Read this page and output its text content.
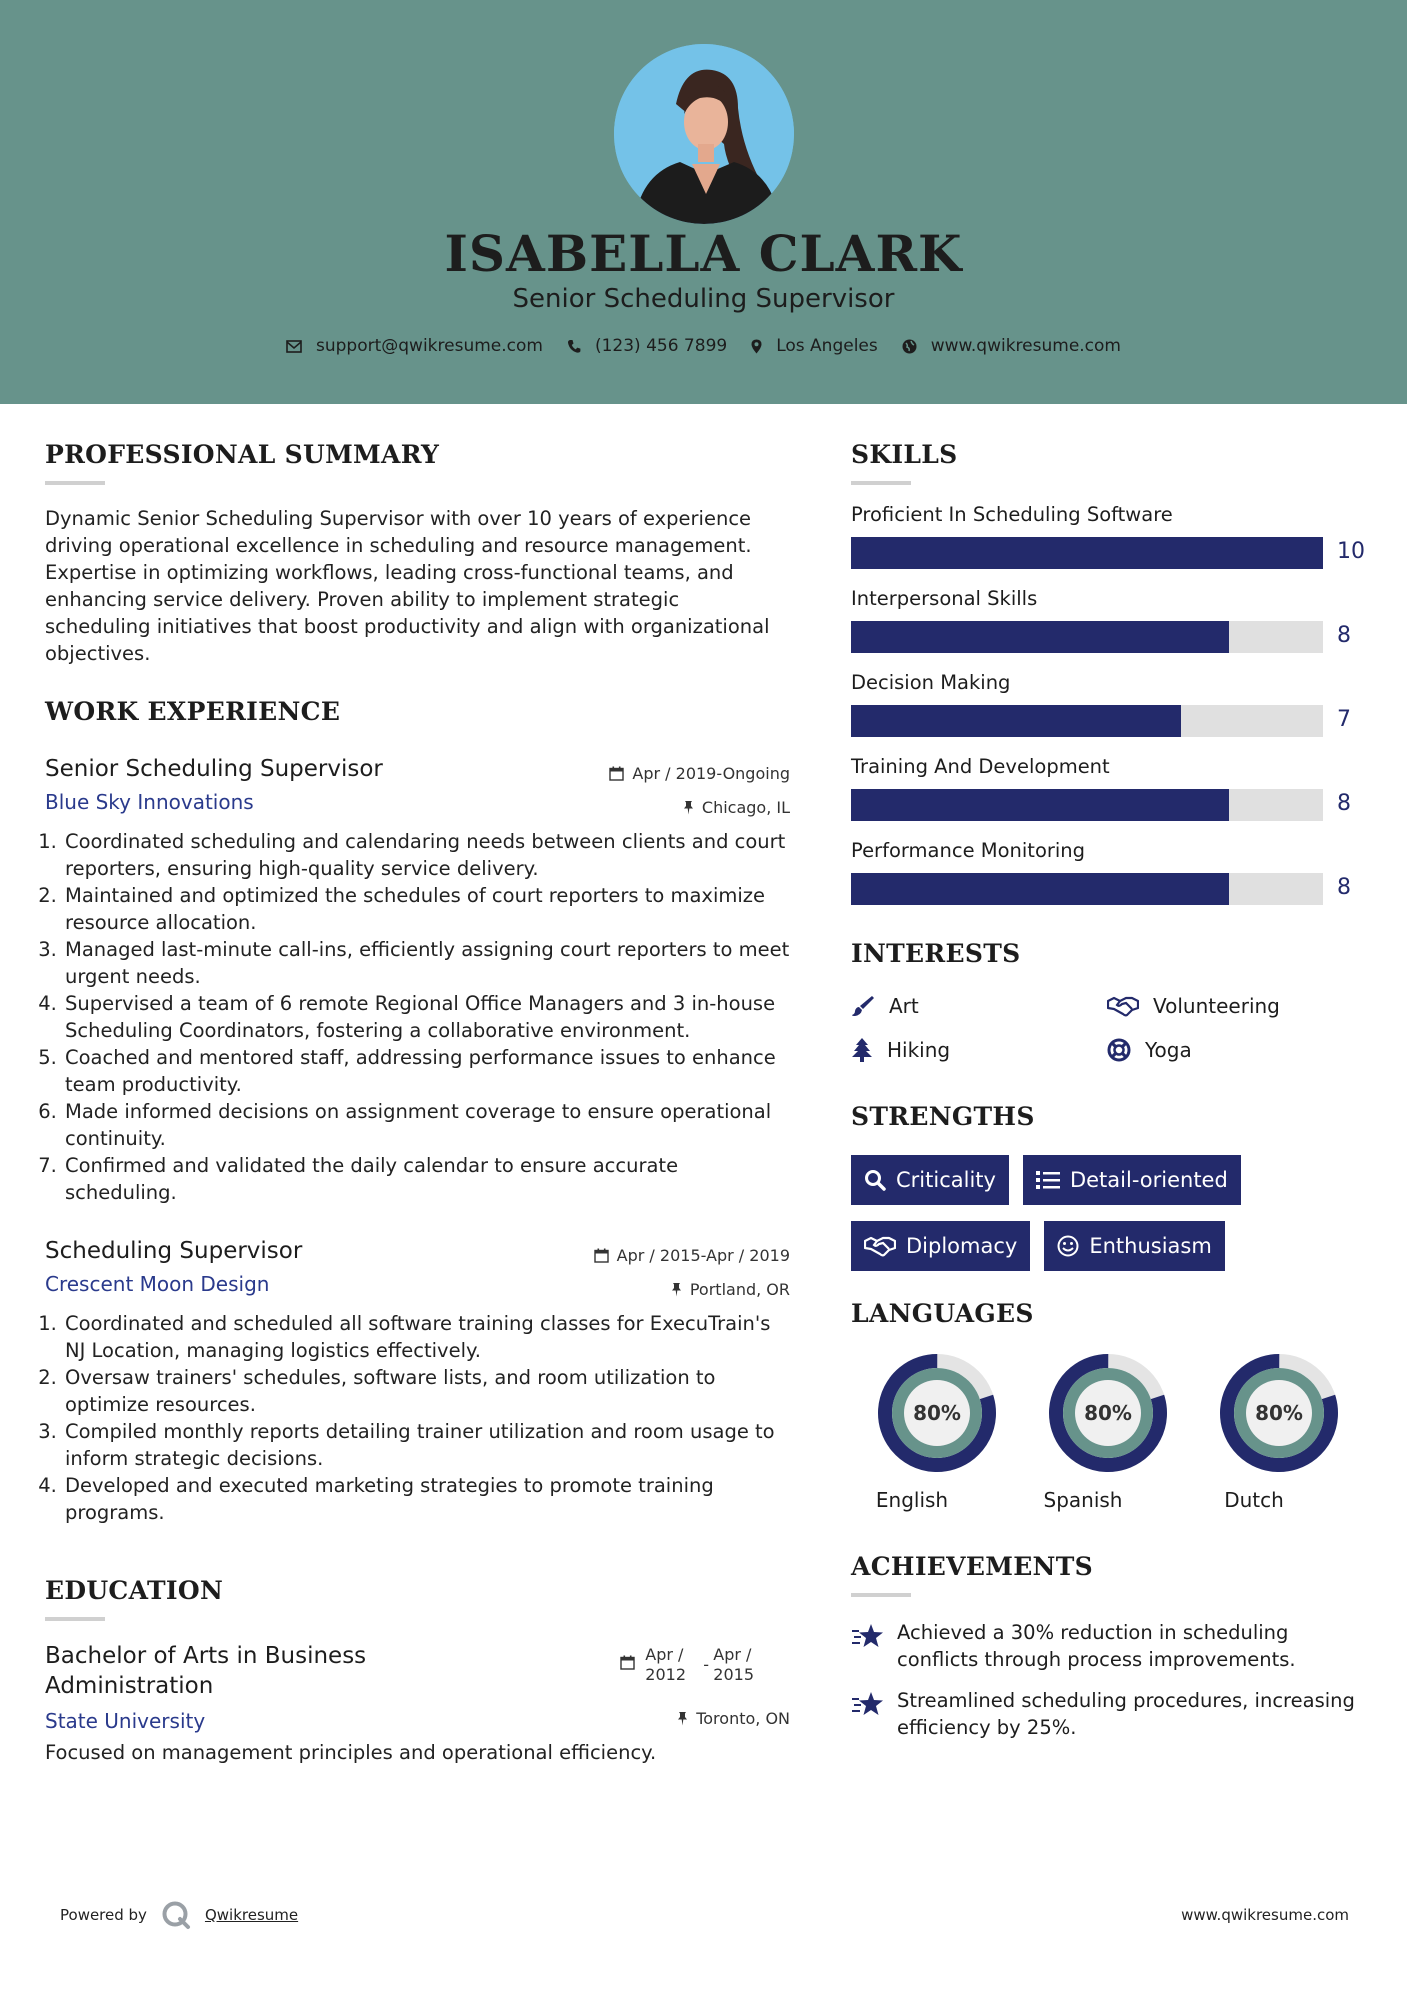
ISABELLA CLARK
Senior Scheduling Supervisor
support@qwikresume.com	(123) 456 7899	Los Angeles	www.qwikresume.com
PROFESSIONAL SUMMARY
Dynamic Senior Scheduling Supervisor with over 10 years of experience driving operational excellence in scheduling and resource management. Expertise in optimizing workflows, leading cross-functional teams, and enhancing service delivery. Proven ability to implement strategic scheduling initiatives that boost productivity and align with organizational objectives.
WORK EXPERIENCE
Senior Scheduling Supervisor	Apr / 2019-Ongoing
Blue Sky Innovations	Chicago, IL
1. Coordinated scheduling and calendaring needs between clients and court reporters, ensuring high-quality service delivery.
2. Maintained and optimized the schedules of court reporters to maximize resource allocation.
3. Managed last-minute call-ins, efficiently assigning court reporters to meet urgent needs.
4. Supervised a team of 6 remote Regional Office Managers and 3 in-house Scheduling Coordinators, fostering a collaborative environment.
5. Coached and mentored staff, addressing performance issues to enhance team productivity.
6. Made informed decisions on assignment coverage to ensure operational continuity.
7. Confirmed and validated the daily calendar to ensure accurate scheduling.
Scheduling Supervisor	Apr / 2015-Apr / 2019
Crescent Moon Design	Portland, OR
1. Coordinated and scheduled all software training classes for ExecuTrain's NJ Location, managing logistics effectively.
2. Oversaw trainers' schedules, software lists, and room utilization to optimize resources.
3. Compiled monthly reports detailing trainer utilization and room usage to inform strategic decisions.
4. Developed and executed marketing strategies to promote training programs.
EDUCATION
Bachelor of Arts in Business Administration
Apr /
2012
-
Apr /
2015
State University	Toronto, ON
Focused on management principles and operational efficiency.
SKILLS
Proficient In Scheduling Software
10
Interpersonal Skills
8
Decision Making
7
Training And Development
8
Performance Monitoring
8
INTERESTS
Art	Volunteering
Hiking	Yoga
STRENGTHS
Criticality	Detail-oriented
Diplomacy	Enthusiasm
LANGUAGES
80%
English
80%
Spanish
80%
Dutch
ACHIEVEMENTS
Achieved a 30% reduction in scheduling conflicts through process improvements.
Streamlined scheduling procedures, increasing efficiency by 25%.
Powered by	Qwikresume	www.qwikresume.com
